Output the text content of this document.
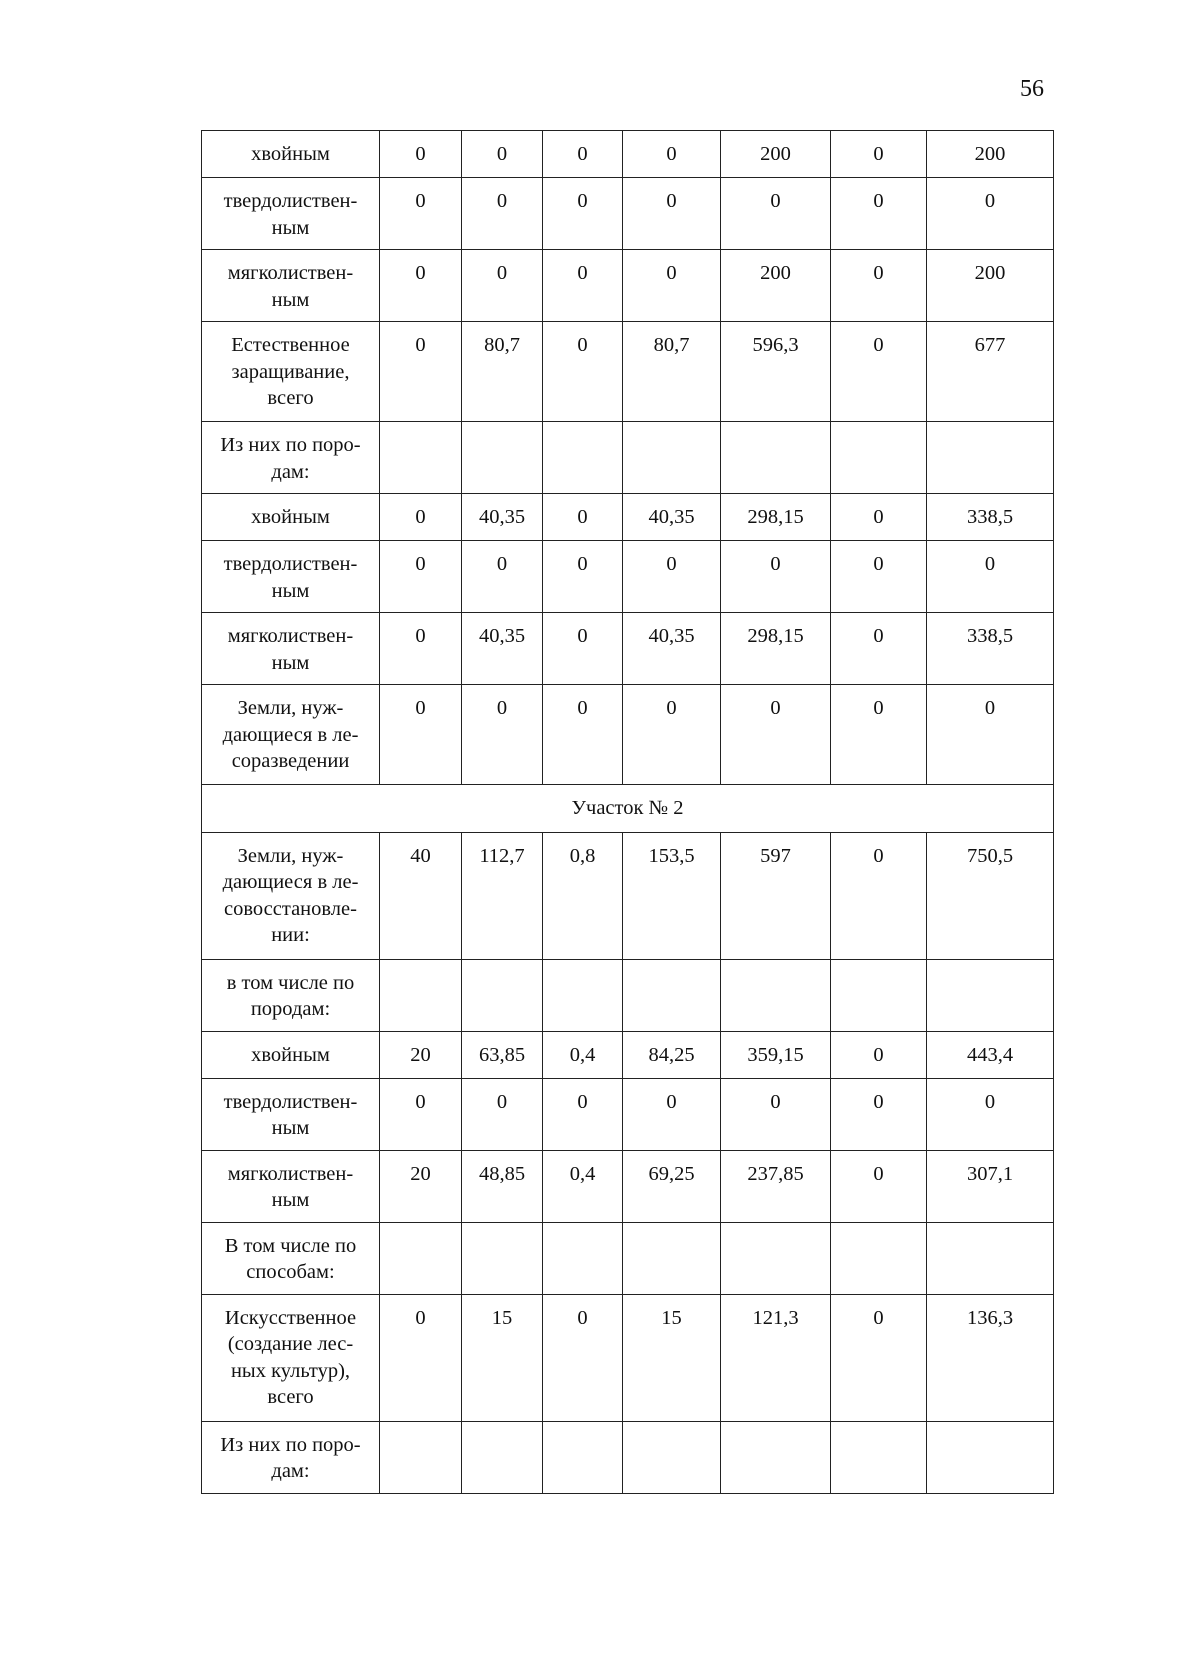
56
хвойным	0	0	0	0	200	0	200

твердолиствен-
ным	0	0	0	0	0	0	0

мягколиствен-
ным	0	0	0	0	200	0	200

Естественное
заращивание,
всего	0	80,7	0	80,7	596,3	0	677

Из них по поро-
дам:							

хвойным	0	40,35	0	40,35	298,15	0	338,5

твердолиствен-
ным	0	0	0	0	0	0	0

мягколиствен-
ным	0	40,35	0	40,35	298,15	0	338,5

Земли, нуж-
дающиеся в ле-
соразведении	0	0	0	0	0	0	0
Участок № 2							

Земли, нуж-
дающиеся в ле-
совосстановле-
нии:	40	112,7	0,8	153,5	597	0	750,5

в том числе по
породам:							

хвойным	20	63,85	0,4	84,25	359,15	0	443,4

твердолиствен-
ным	0	0	0	0	0	0	0

мягколиствен-
ным	20	48,85	0,4	69,25	237,85	0	307,1

В том числе по
способам:							

Искусственное
(создание лес-
ных культур),
всего	0	15	0	15	121,3	0	136,3

Из них по поро-
дам:							
